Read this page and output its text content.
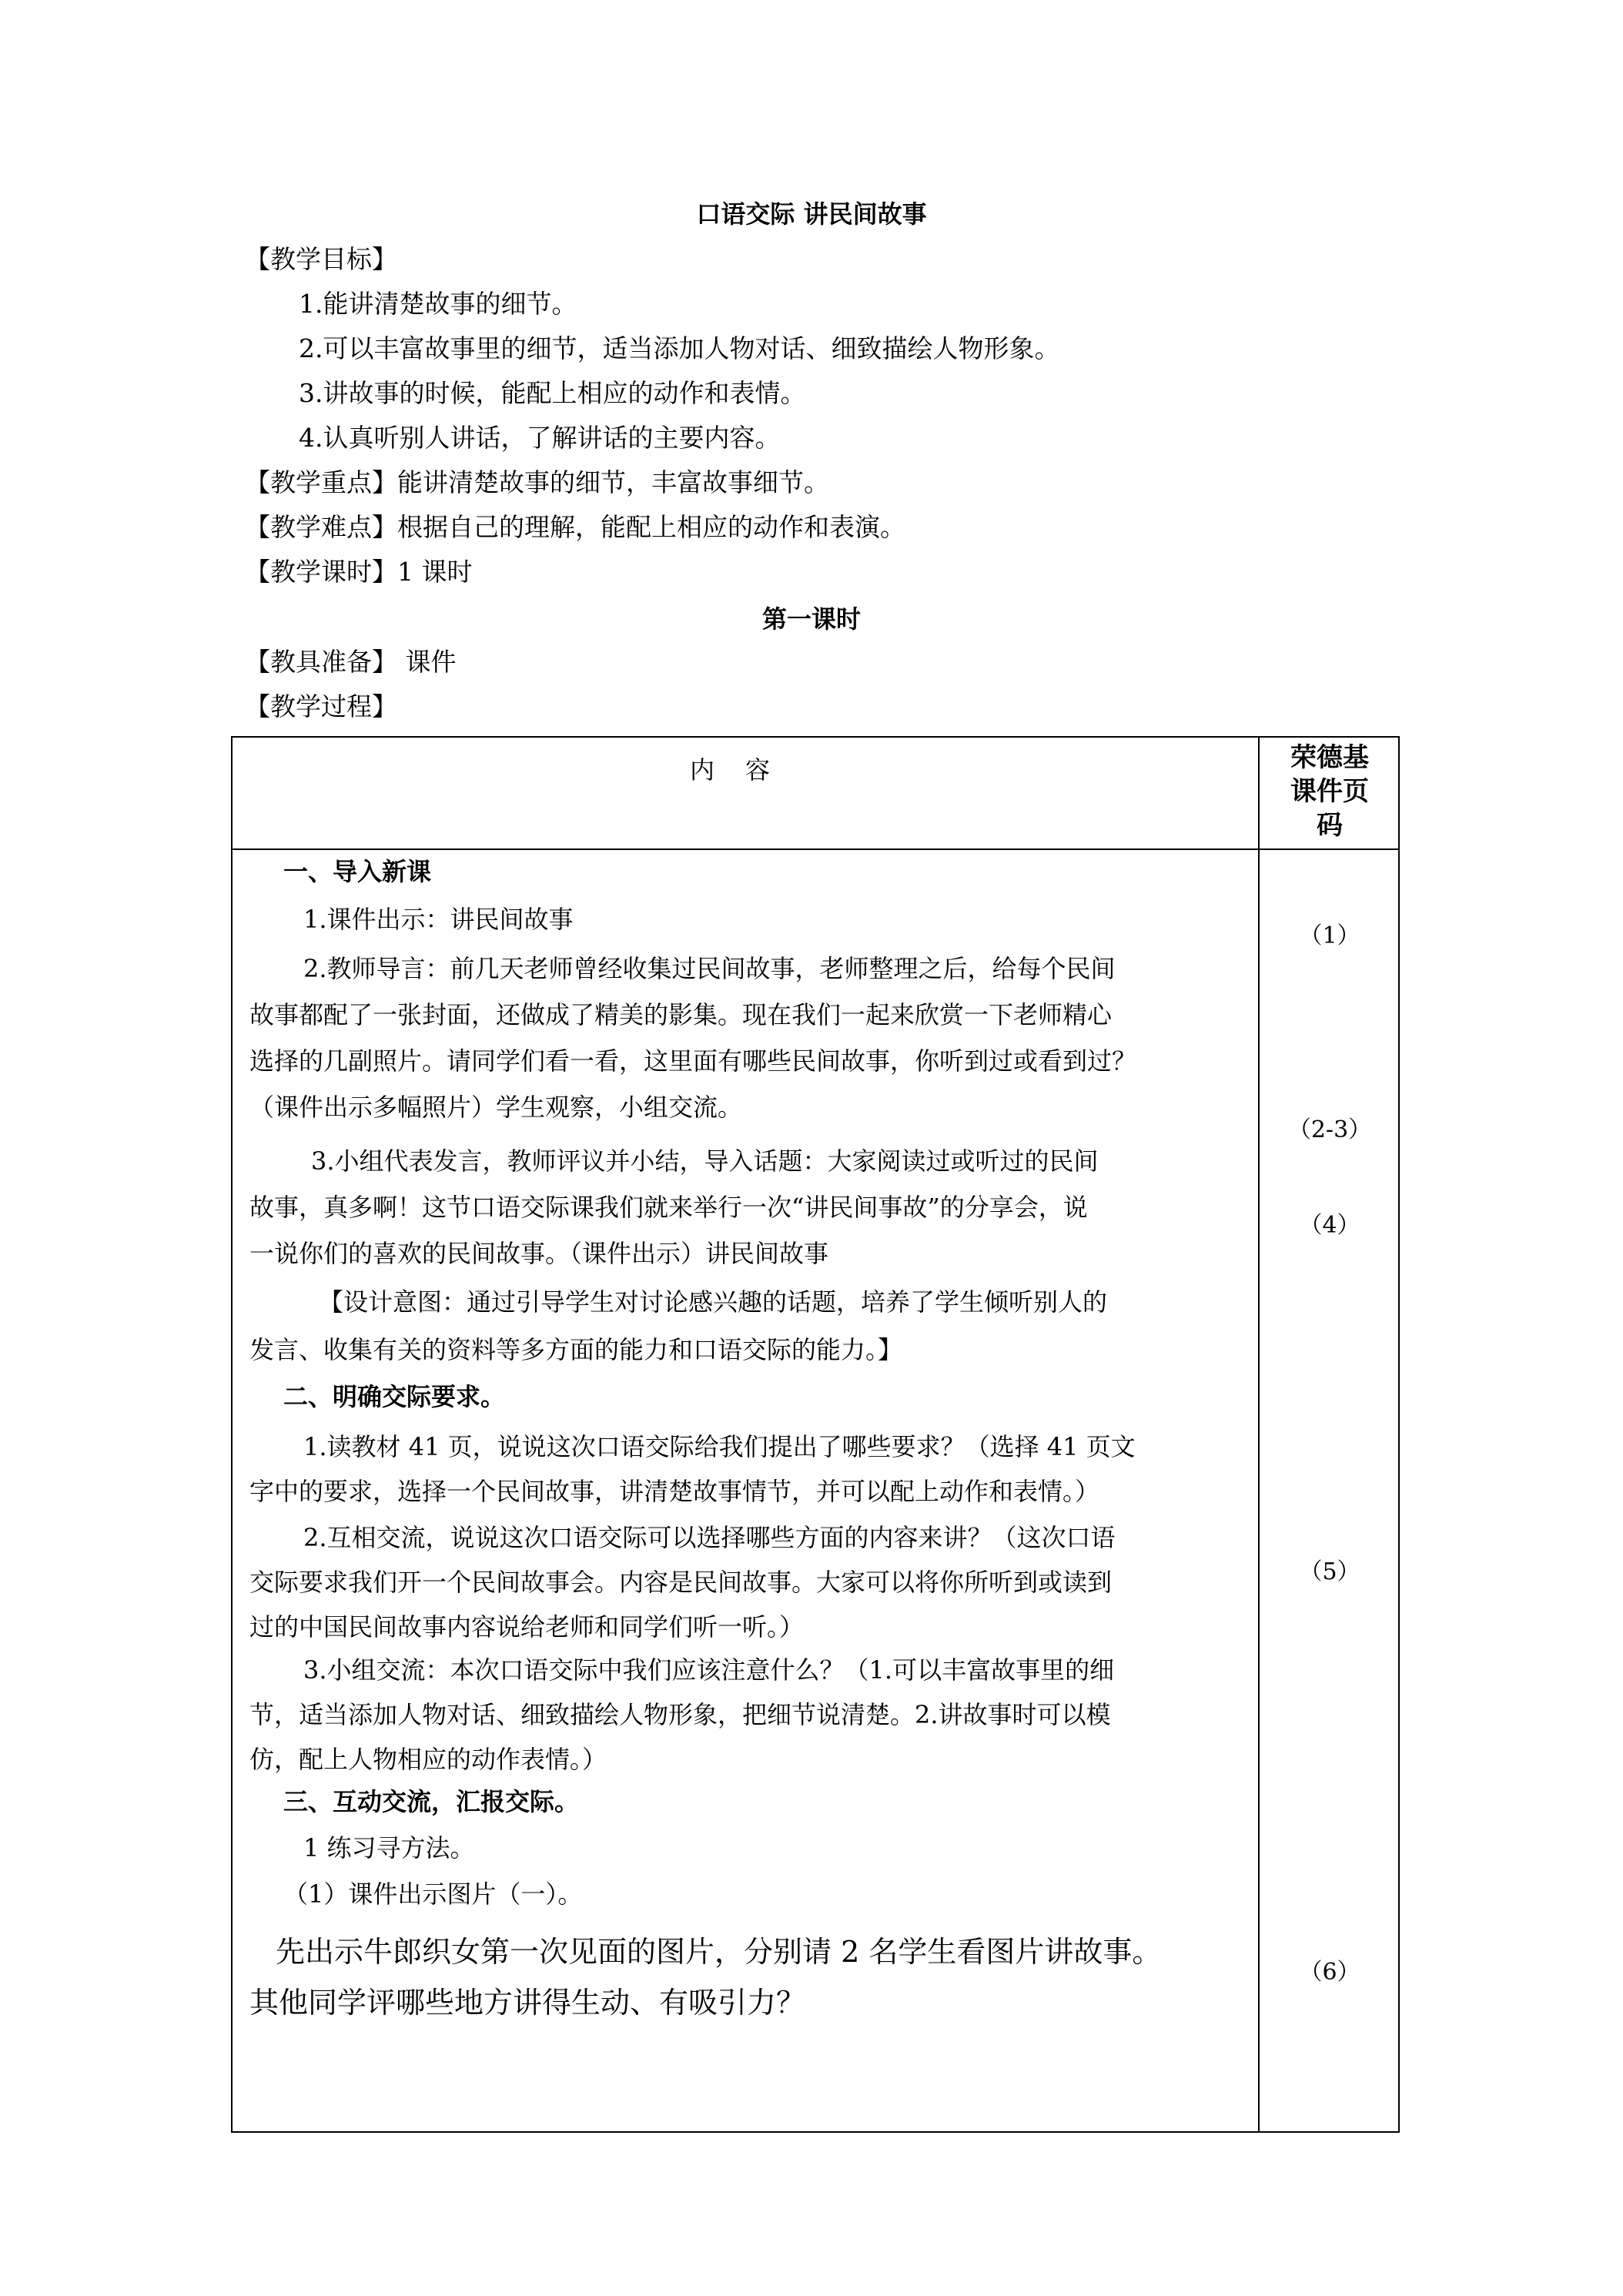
口语交际 讲民间故事
【教学目标】
1.能讲清楚故事的细节。
2.可以丰富故事里的细节，适当添加人物对话、细致描绘人物形象。
3.讲故事的时候，能配上相应的动作和表情。
4.认真听别人讲话，了解讲话的主要内容。
【教学重点】能讲清楚故事的细节，丰富故事细节。
【教学难点】根据自己的理解，能配上相应的动作和表演。
【教学课时】1 课时
第一课时
【教具准备】 课件
【教学过程】
内容	荣德基
课件页
码
一、导入新课
1.课件出示：讲民间故事
2.教师导言：前几天老师曾经收集过民间故事，老师整理之后，给每个民间
故事都配了一张封面，还做成了精美的影集。现在我们一起来欣赏一下老师精心
选择的几副照片。请同学们看一看，这里面有哪些民间故事，你听到过或看到过？
（课件出示多幅照片）学生观察，小组交流。
3.小组代表发言，教师评议并小结，导入话题：大家阅读过或听过的民间
故事，真多啊！这节口语交际课我们就来举行一次“讲民间事故”的分享会，说
一说你们的喜欢的民间故事。（课件出示）讲民间故事
【设计意图：通过引导学生对讨论感兴趣的话题，培养了学生倾听别人的
发言、收集有关的资料等多方面的能力和口语交际的能力。】
二、明确交际要求。
1.读教材 41 页，说说这次口语交际给我们提出了哪些要求？（选择 41 页文
字中的要求，选择一个民间故事，讲清楚故事情节，并可以配上动作和表情。）
2.互相交流，说说这次口语交际可以选择哪些方面的内容来讲？（这次口语
交际要求我们开一个民间故事会。内容是民间故事。大家可以将你所听到或读到
过的中国民间故事内容说给老师和同学们听一听。）
3.小组交流：本次口语交际中我们应该注意什么？（1.可以丰富故事里的细
节，适当添加人物对话、细致描绘人物形象，把细节说清楚。2.讲故事时可以模
仿，配上人物相应的动作表情。）
三、互动交流，汇报交际。
1 练习寻方法。
（1）课件出示图片（一）。
先出示牛郎织女第一次见面的图片，分别请 2 名学生看图片讲故事。
其他同学评哪些地方讲得生动、有吸引力？
（1）
（2-3）
（4）
（5）
（6）
